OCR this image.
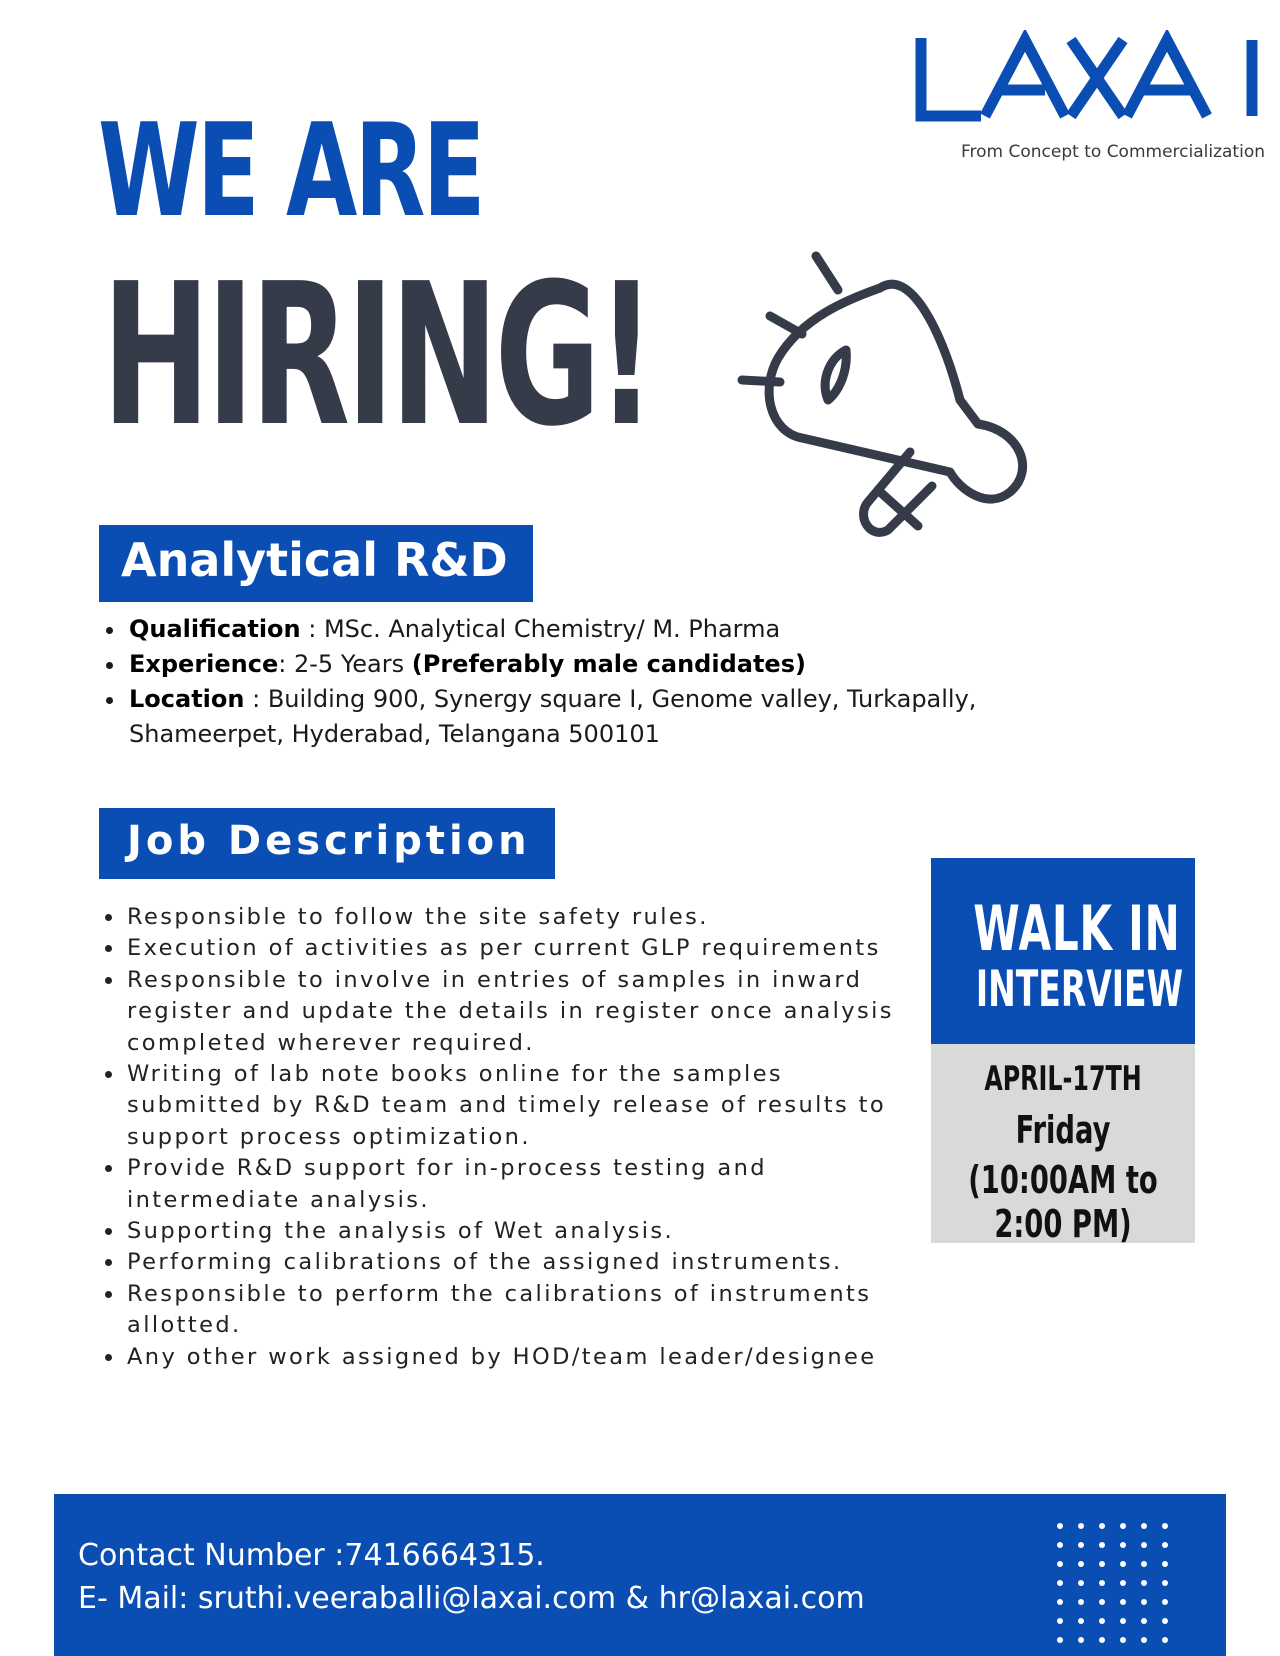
From Concept to Commercialization
WE ARE
HIRING!
Analytical R&D
• Qualification : MSc. Analytical Chemistry/ M. Pharma
• Experience: 2-5 Years (Preferably male candidates)
• Location : Building 900, Synergy square I, Genome valley, Turkapally, Shameerpet, Hyderabad, Telangana 500101
Job Description
• Responsible to follow the site safety rules.
• Execution of activities as per current GLP requirements
• Responsible to involve in entries of samples in inward register and update the details in register once analysis completed wherever required.
• Writing of lab note books online for the samples submitted by R&D team and timely release of results to support process optimization.
• Provide R&D support for in-process testing and intermediate analysis.
• Supporting the analysis of Wet analysis.
• Performing calibrations of the assigned instruments.
• Responsible to perform the calibrations of instruments allotted.
• Any other work assigned by HOD/team leader/designee
WALK IN
INTERVIEW
APRIL-17TH
Friday
(10:00AM to
2:00 PM)
Contact Number :7416664315.
E- Mail: sruthi.veeraballi@laxai.com & hr@laxai.com
